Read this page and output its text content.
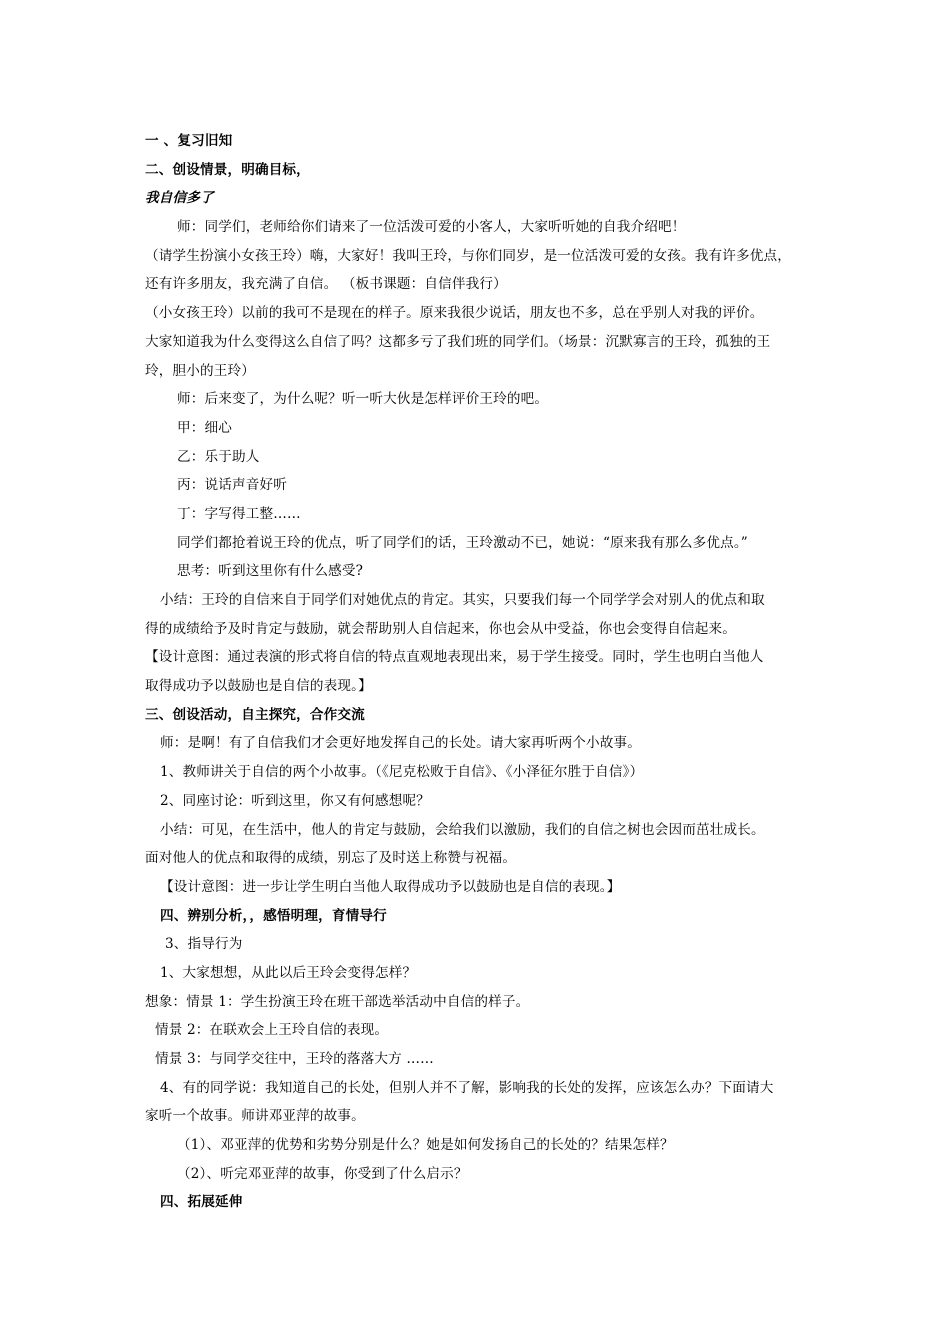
一 、复习旧知
二、创设情景，明确目标，
我自信多了
师：同学们，老师给你们请来了一位活泼可爱的小客人，大家听听她的自我介绍吧！
（请学生扮演小女孩王玲）嗨，大家好！我叫王玲，与你们同岁，是一位活泼可爱的女孩。我有许多优点，
还有许多朋友，我充满了自信。 （板书课题：自信伴我行）
（小女孩王玲）以前的我可不是现在的样子。原来我很少说话，朋友也不多，总在乎别人对我的评价。
大家知道我为什么变得这么自信了吗？这都多亏了我们班的同学们。（场景：沉默寡言的王玲，孤独的王
玲，胆小的王玲）
师：后来变了，为什么呢？听一听大伙是怎样评价王玲的吧。
甲：细心
乙：乐于助人
丙：说话声音好听
丁：字写得工整……
同学们都抢着说王玲的优点，听了同学们的话，王玲激动不已，她说：“原来我有那么多优点。”
思考：听到这里你有什么感受?
小结：王玲的自信来自于同学们对她优点的肯定。其实，只要我们每一个同学学会对别人的优点和取
得的成绩给予及时肯定与鼓励，就会帮助别人自信起来，你也会从中受益，你也会变得自信起来。
【设计意图：通过表演的形式将自信的特点直观地表现出来，易于学生接受。同时，学生也明白当他人
取得成功予以鼓励也是自信的表现。】
三、创设活动，自主探究，合作交流
师：是啊！有了自信我们才会更好地发挥自己的长处。请大家再听两个小故事。
1、教师讲关于自信的两个小故事。（《尼克松败于自信》、《小泽征尔胜于自信》）
2、同座讨论：听到这里，你又有何感想呢？
小结：可见，在生活中，他人的肯定与鼓励，会给我们以激励，我们的自信之树也会因而茁壮成长。
面对他人的优点和取得的成绩，别忘了及时送上称赞与祝福。
【设计意图：进一步让学生明白当他人取得成功予以鼓励也是自信的表现。】
四、辨别分析，，感悟明理，育情导行
3、指导行为
1、大家想想，从此以后王玲会变得怎样？
想象：情景 1：学生扮演王玲在班干部选举活动中自信的样子。
情景 2：在联欢会上王玲自信的表现。
情景 3：与同学交往中，王玲的落落大方 ……
4、有的同学说：我知道自己的长处，但别人并不了解，影响我的长处的发挥，应该怎么办？下面请大
家听一个故事。师讲邓亚萍的故事。
（1）、邓亚萍的优势和劣势分别是什么？她是如何发扬自己的长处的？结果怎样？
（2）、听完邓亚萍的故事，你受到了什么启示？
四、拓展延伸
